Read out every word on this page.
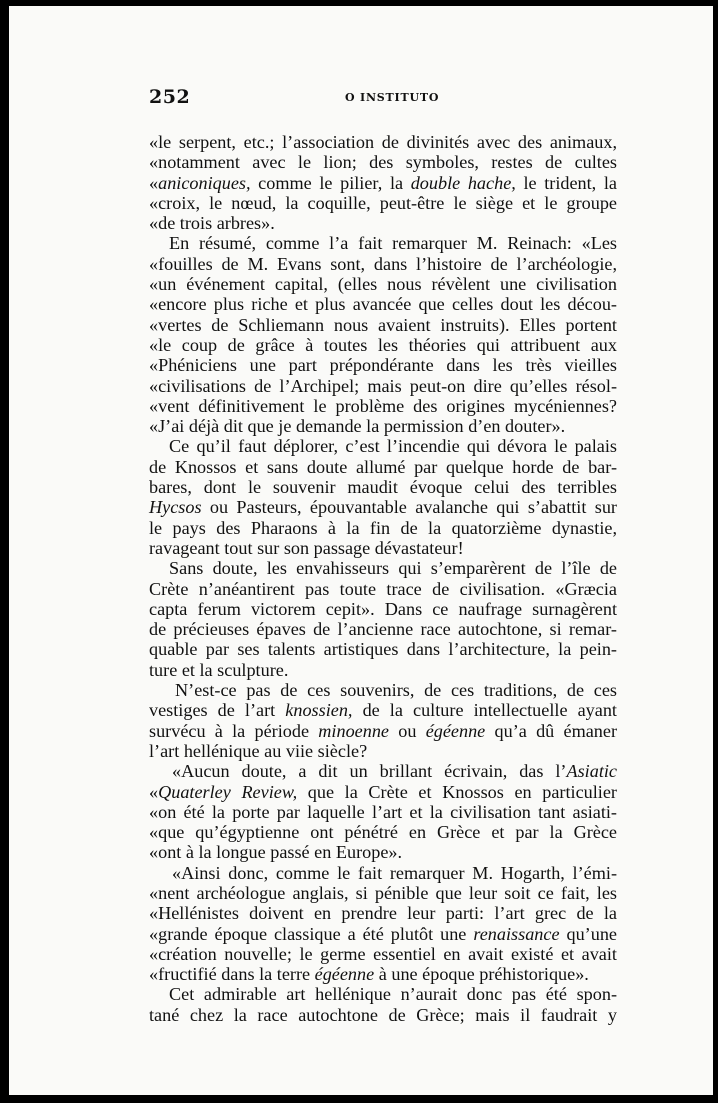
252	O INSTITUTO

«le serpent, etc.; l’association de divinités avec des animaux,
«notamment avec le lion; des symboles, restes de cultes
«aniconiques, comme le pilier, la double hache, le trident, la
«croix, le nœud, la coquille, peut-être le siège et le groupe
«de trois arbres».

En résumé, comme l’a fait remarquer M. Reinach: «Les
«fouilles de M. Evans sont, dans l’histoire de l’archéologie,
«un événement capital, (elles nous révèlent une civilisation
«encore plus riche et plus avancée que celles dout les décou-
«vertes de Schliemann nous avaient instruits). Elles portent
«le coup de grâce à toutes les théories qui attribuent aux
«Phéniciens une part prépondérante dans les très vieilles
«civilisations de l’Archipel; mais peut-on dire qu’elles résol-
«vent définitivement le problème des origines mycéniennes?
«J’ai déjà dit que je demande la permission d’en douter».

Ce qu’il faut déplorer, c’est l’incendie qui dévora le palais
de Knossos et sans doute allumé par quelque horde de bar-
bares, dont le souvenir maudit évoque celui des terribles
Hycsos ou Pasteurs, épouvantable avalanche qui s’abattit sur
le pays des Pharaons à la fin de la quatorzième dynastie,
ravageant tout sur son passage dévastateur!

Sans doute, les envahisseurs qui s’emparèrent de l’île de
Crète n’anéantirent pas toute trace de civilisation. «Græcia
capta ferum victorem cepit». Dans ce naufrage surnagèrent
de précieuses épaves de l’ancienne race autochtone, si remar-
quable par ses talents artistiques dans l’architecture, la pein-
ture et la sculpture.

N’est-ce pas de ces souvenirs, de ces traditions, de ces
vestiges de l’art knossien, de la culture intellectuelle ayant
survécu à la période minoenne ou égéenne qu’a dû émaner
l’art hellénique au viie siècle?

«Aucun doute, a dit un brillant écrivain, das l’Asiatic
«Quaterley Review, que la Crète et Knossos en particulier
«on été la porte par laquelle l’art et la civilisation tant asiati-
«que qu’égyptienne ont pénétré en Grèce et par la Grèce
«ont à la longue passé en Europe».

«Ainsi donc, comme le fait remarquer M. Hogarth, l’émi-
«nent archéologue anglais, si pénible que leur soit ce fait, les
«Hellénistes doivent en prendre leur parti: l’art grec de la
«grande époque classique a été plutôt une renaissance qu’une
«création nouvelle; le germe essentiel en avait existé et avait
«fructifié dans la terre égéenne à une époque préhistorique».

Cet admirable art hellénique n’aurait donc pas été spon-
tané chez la race autochtone de Grèce; mais il faudrait y
